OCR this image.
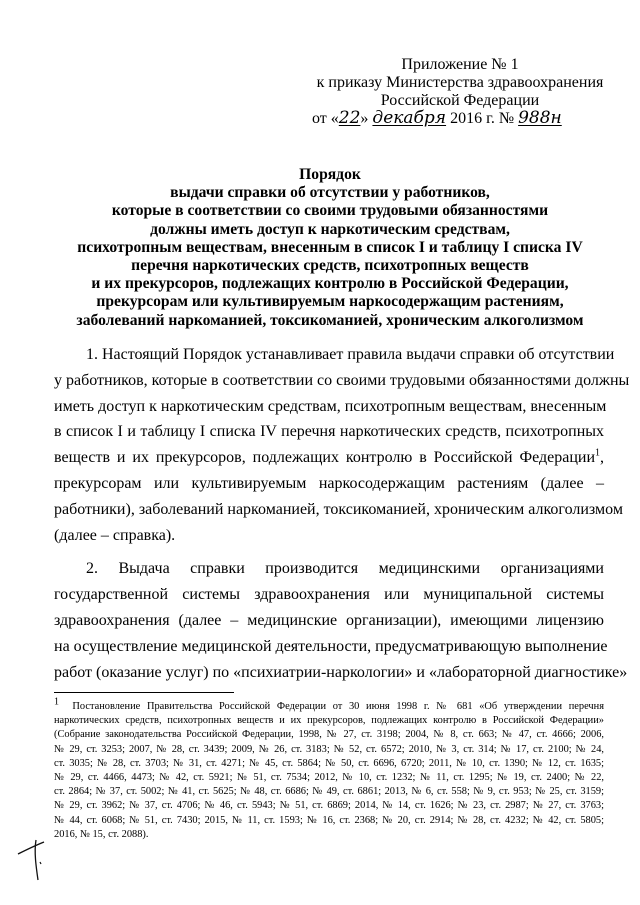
Приложение № 1
к приказу Министерства здравоохранения
Российской Федерации
от «22» декабря 2016 г. № 988н
Порядок
выдачи справки об отсутствии у работников,
которые в соответствии со своими трудовыми обязанностями
должны иметь доступ к наркотическим средствам,
психотропным веществам, внесенным в список I и таблицу I списка IV
перечня наркотических средств, психотропных веществ
и их прекурсоров, подлежащих контролю в Российской Федерации,
прекурсорам или культивируемым наркосодержащим растениям,
заболеваний наркоманией, токсикоманией, хроническим алкоголизмом
1. Настоящий Порядок устанавливает правила выдачи справки об отсутствии
у работников, которые в соответствии со своими трудовыми обязанностями должны
иметь доступ к наркотическим средствам, психотропным веществам, внесенным
в список I и таблицу I списка IV перечня наркотических средств, психотропных
веществ и их прекурсоров, подлежащих контролю в Российской Федерации$^1$,
прекурсорам или культивируемым наркосодержащим растениям (далее –
работники), заболеваний наркоманией, токсикоманией, хроническим алкоголизмом
(далее – справка).
2. Выдача справки производится медицинскими организациями
государственной системы здравоохранения или муниципальной системы
здравоохранения (далее – медицинские организации), имеющими лицензию
на осуществление медицинской деятельности, предусматривающую выполнение
работ (оказание услуг) по «психиатрии-наркологии» и «лабораторной диагностике»
$^1$ Постановление Правительства Российской Федерации от 30 июня 1998 г. № 681 «Об утверждении перечня
наркотических средств, психотропных веществ и их прекурсоров, подлежащих контролю в Российской Федерации»
(Собрание законодательства Российской Федерации, 1998, № 27, ст. 3198; 2004, № 8, ст. 663; № 47, ст. 4666; 2006,
№ 29, ст. 3253; 2007, № 28, ст. 3439; 2009, № 26, ст. 3183; № 52, ст. 6572; 2010, № 3, ст. 314; № 17, ст. 2100; № 24,
ст. 3035; № 28, ст. 3703; № 31, ст. 4271; № 45, ст. 5864; № 50, ст. 6696, 6720; 2011, № 10, ст. 1390; № 12, ст. 1635;
№ 29, ст. 4466, 4473; № 42, ст. 5921; № 51, ст. 7534; 2012, № 10, ст. 1232; № 11, ст. 1295; № 19, ст. 2400; № 22,
ст. 2864; № 37, ст. 5002; № 41, ст. 5625; № 48, ст. 6686; № 49, ст. 6861; 2013, № 6, ст. 558; № 9, ст. 953; № 25, ст. 3159;
№ 29, ст. 3962; № 37, ст. 4706; № 46, ст. 5943; № 51, ст. 6869; 2014, № 14, ст. 1626; № 23, ст. 2987; № 27, ст. 3763;
№ 44, ст. 6068; № 51, ст. 7430; 2015, № 11, ст. 1593; № 16, ст. 2368; № 20, ст. 2914; № 28, ст. 4232; № 42, ст. 5805;
2016, № 15, ст. 2088).
